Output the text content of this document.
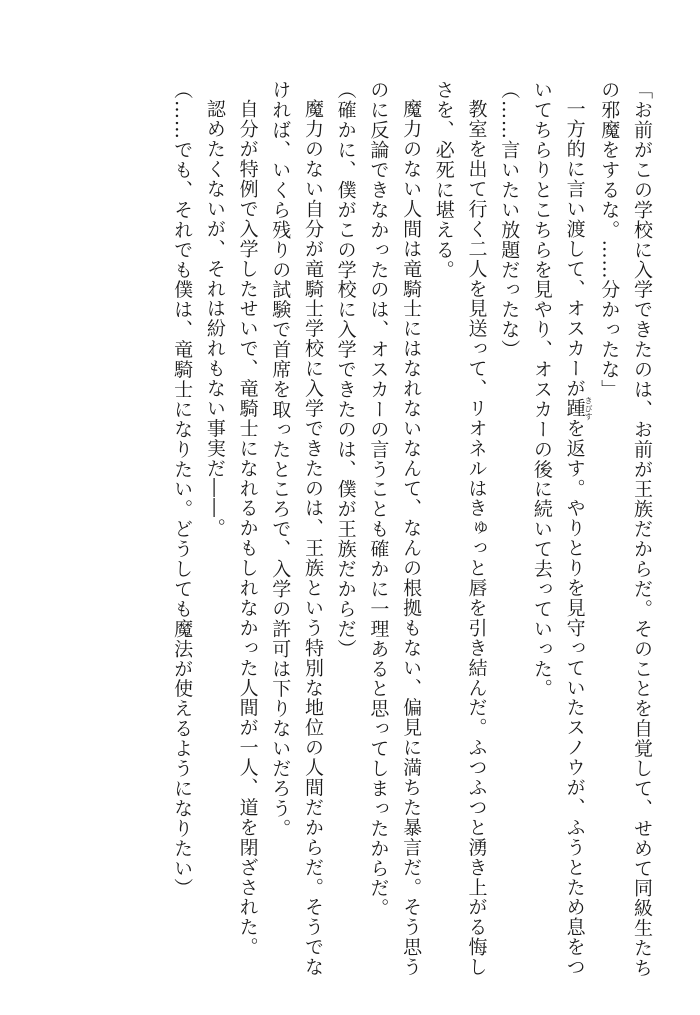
「お前がこの学校に入学できたのは、お前が王族だからだ。そのことを自覚して、せめて同級生たちの邪魔をするな。……分かったな」

一方的に言い渡して、オスカーが踵きびすを返す。やりとりを見守っていたスノウが、ふうとため息をついてちらりとこちらを見やり、オスカーの後に続いて去っていった。

（……言いたい放題だったな）

教室を出て行く二人を見送って、リオネルはきゅっと唇を引き結んだ。ふつふつと湧き上がる悔しさを、必死に堪える。

魔力のない人間は竜騎士にはなれないなんて、なんの根拠もない、偏見に満ちた暴言だ。そう思うのに反論できなかったのは、オスカーの言うことも確かに一理あると思ってしまったからだ。

（確かに、僕がこの学校に入学できたのは、僕が王族だからだ）

魔力のない自分が竜騎士学校に入学できたのは、王族という特別な地位の人間だからだ。そうでなければ、いくら残りの試験で首席を取ったところで、入学の許可は下りないだろう。

自分が特例で入学したせいで、竜騎士になれるかもしれなかった人間が一人、道を閉ざされた。

認めたくないが、それは紛れもない事実だ――。

（……でも、それでも僕は、竜騎士になりたい。どうしても魔法が使えるようになりたい）
